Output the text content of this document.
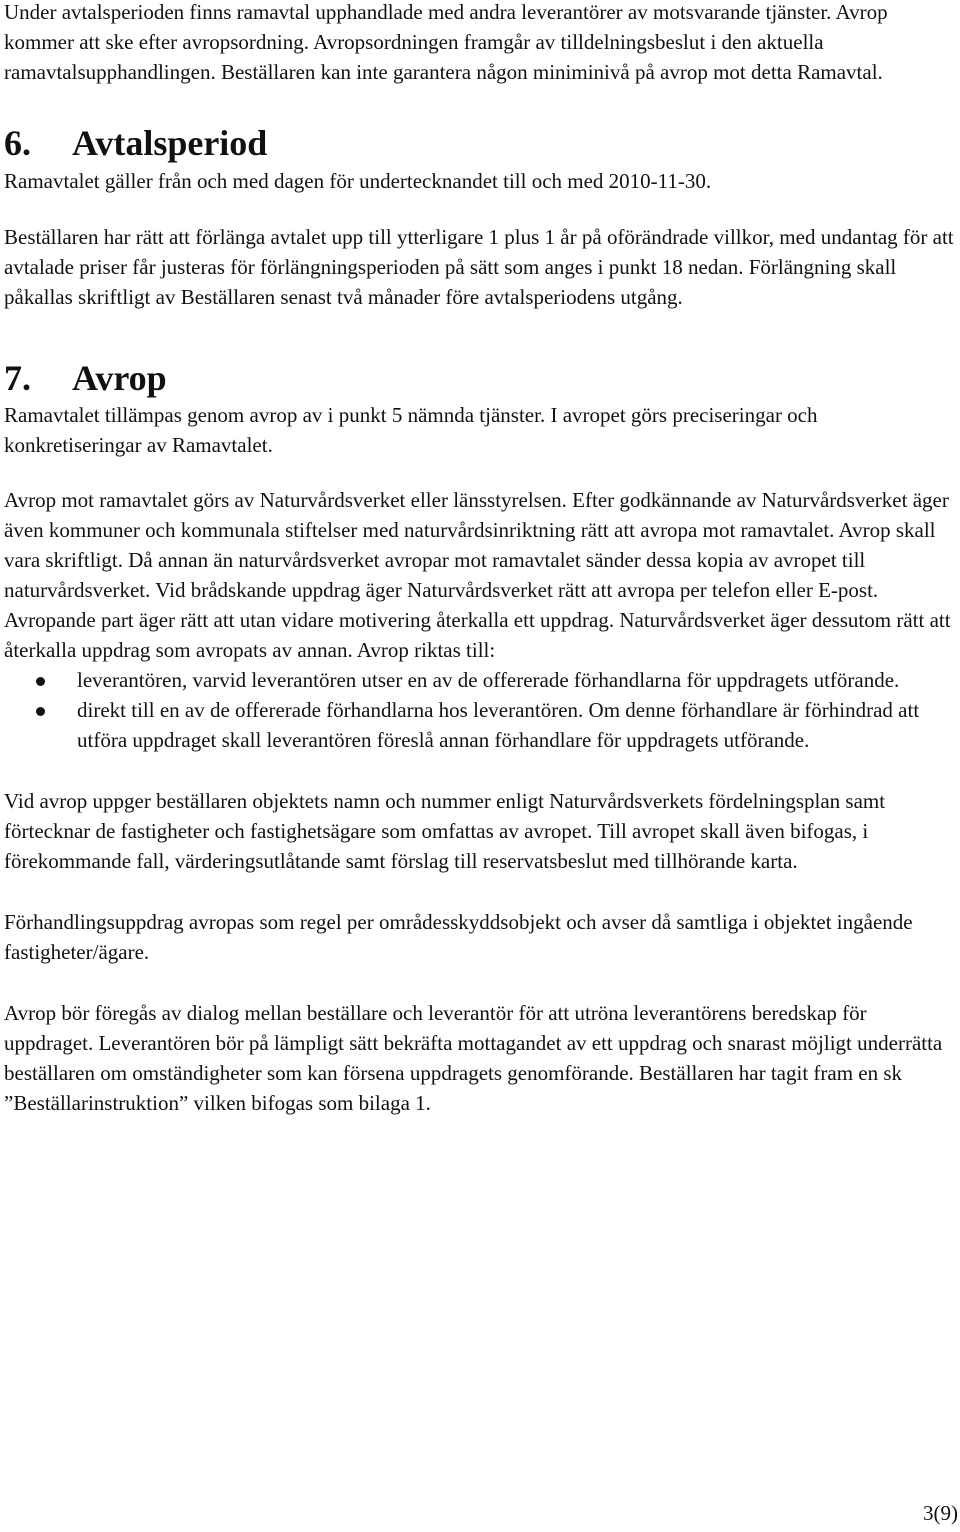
Under avtalsperioden finns ramavtal upphandlade med andra leverantörer av motsvarande tjänster. Avrop kommer att ske efter avropsordning. Avropsordningen framgår av tilldelningsbeslut i den aktuella ramavtalsupphandlingen. Beställaren kan inte garantera någon miniminivå på avrop mot detta Ramavtal.

6. Avtalsperiod

Ramavtalet gäller från och med dagen för undertecknandet till och med 2010-11-30.

Beställaren har rätt att förlänga avtalet upp till ytterligare 1 plus 1 år på oförändrade villkor, med undantag för att avtalade priser får justeras för förlängningsperioden på sätt som anges i punkt 18 nedan. Förlängning skall påkallas skriftligt av Beställaren senast två månader före avtalsperiodens utgång.

7. Avrop

Ramavtalet tillämpas genom avrop av i punkt 5 nämnda tjänster. I avropet görs preciseringar och konkretiseringar av Ramavtalet.

Avrop mot ramavtalet görs av Naturvårdsverket eller länsstyrelsen. Efter godkännande av Naturvårdsverket äger även kommuner och kommunala stiftelser med naturvårdsinriktning rätt att avropa mot ramavtalet. Avrop skall vara skriftligt. Då annan än naturvårdsverket avropar mot ramavtalet sänder dessa kopia av avropet till naturvårdsverket. Vid brådskande uppdrag äger Naturvårdsverket rätt att avropa per telefon eller E-post. Avropande part äger rätt att utan vidare motivering återkalla ett uppdrag. Naturvårdsverket äger dessutom rätt att återkalla uppdrag som avropats av annan. Avrop riktas till:

leverantören, varvid leverantören utser en av de offererade förhandlarna för uppdragets utförande.
direkt till en av de offererade förhandlarna hos leverantören. Om denne förhandlare är förhindrad att utföra uppdraget skall leverantören föreslå annan förhandlare för uppdragets utförande.

Vid avrop uppger beställaren objektets namn och nummer enligt Naturvårdsverkets fördelningsplan samt förtecknar de fastigheter och fastighetsägare som omfattas av avropet. Till avropet skall även bifogas, i förekommande fall, värderingsutlåtande samt förslag till reservatsbeslut med tillhörande karta.

Förhandlingsuppdrag avropas som regel per områdesskyddsobjekt och avser då samtliga i objektet ingående fastigheter/ägare.

Avrop bör föregås av dialog mellan beställare och leverantör för att utröna leverantörens beredskap för uppdraget. Leverantören bör på lämpligt sätt bekräfta mottagandet av ett uppdrag och snarast möjligt underrätta beställaren om omständigheter som kan försena uppdragets genomförande. Beställaren har tagit fram en sk ”Beställarinstruktion” vilken bifogas som bilaga 1.

3(9)
